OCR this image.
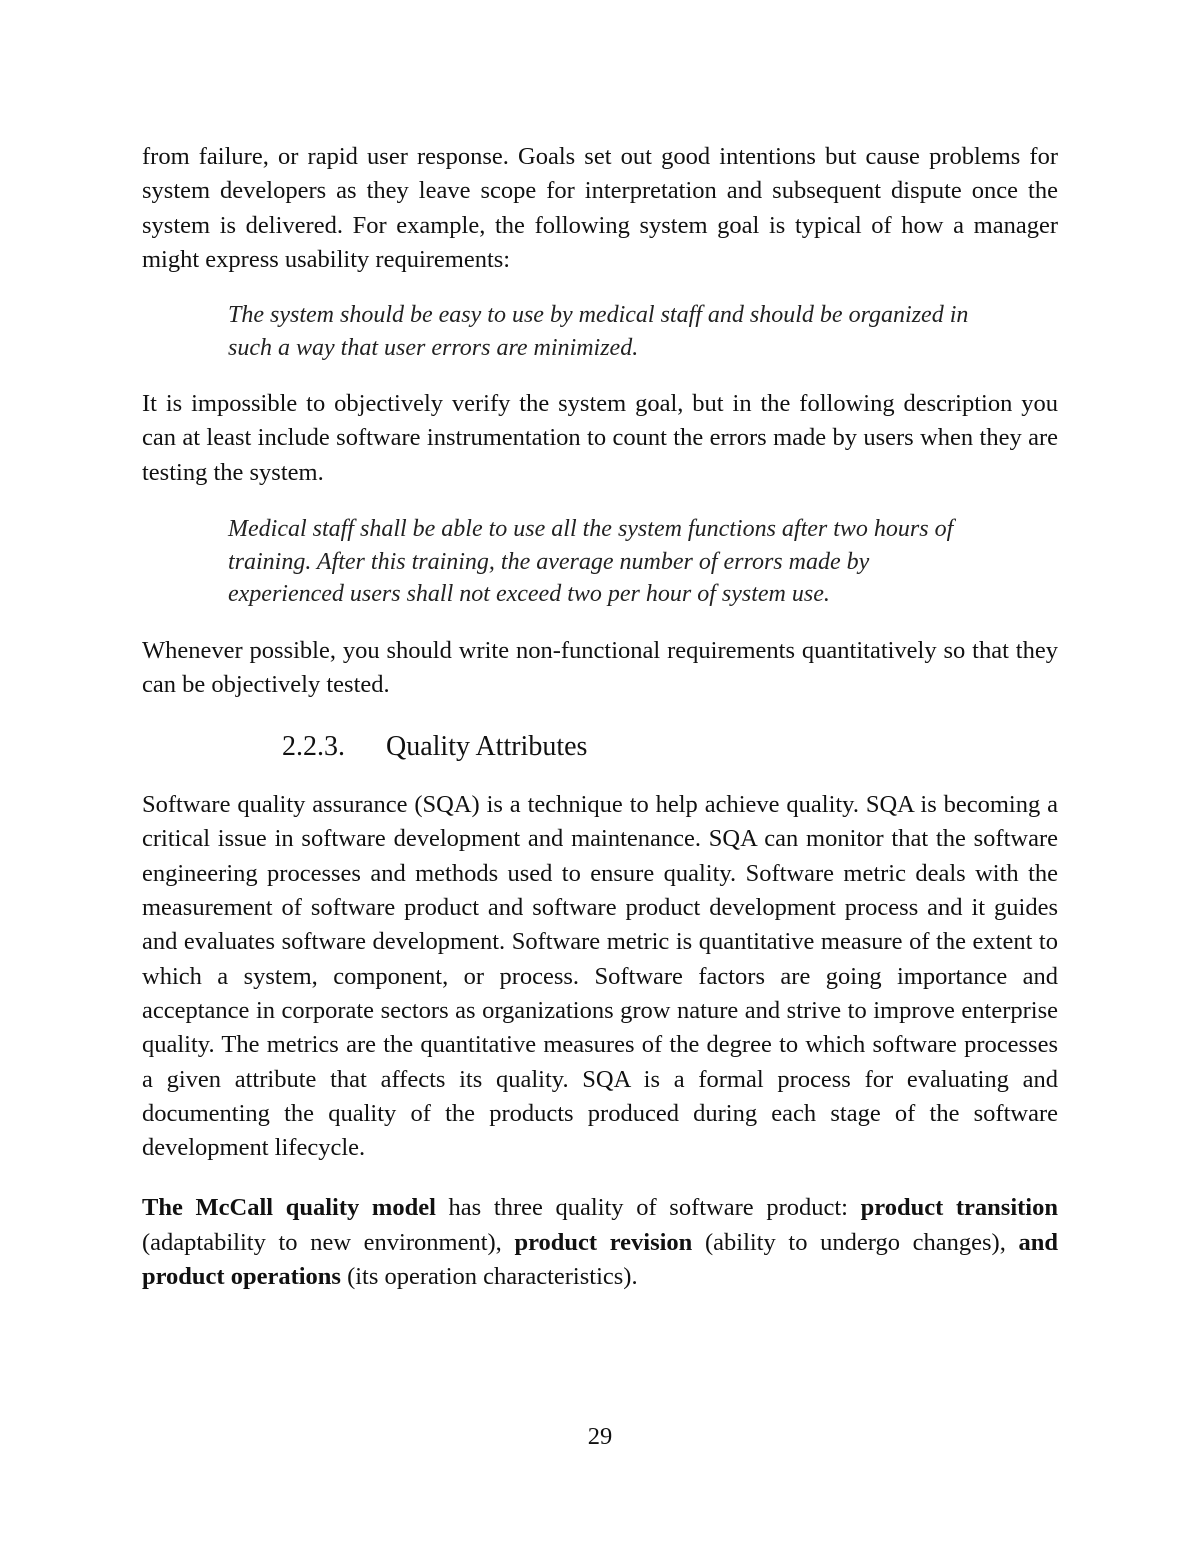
from failure, or rapid user response. Goals set out good intentions but cause problems for system developers as they leave scope for interpretation and subsequent dispute once the system is delivered. For example, the following system goal is typical of how a manager might express usability requirements:

The system should be easy to use by medical staff and should be organized in such a way that user errors are minimized.

It is impossible to objectively verify the system goal, but in the following description you can at least include software instrumentation to count the errors made by users when they are testing the system.

Medical staff shall be able to use all the system functions after two hours of training. After this training, the average number of errors made by experienced users shall not exceed two per hour of system use.

Whenever possible, you should write non-functional requirements quantitatively so that they can be objectively tested.

2.2.3. Quality Attributes

Software quality assurance (SQA) is a technique to help achieve quality. SQA is becoming a critical issue in software development and maintenance. SQA can monitor that the software engineering processes and methods used to ensure quality. Software metric deals with the measurement of software product and software product development process and it guides and evaluates software development. Software metric is quantitative measure of the extent to which a system, component, or process. Software factors are going importance and acceptance in corporate sectors as organizations grow nature and strive to improve enterprise quality. The metrics are the quantitative measures of the degree to which software processes a given attribute that affects its quality. SQA is a formal process for evaluating and documenting the quality of the products produced during each stage of the software development lifecycle.

The McCall quality model has three quality of software product: product transition (adaptability to new environment), product revision (ability to undergo changes), and product operations (its operation characteristics).

29
